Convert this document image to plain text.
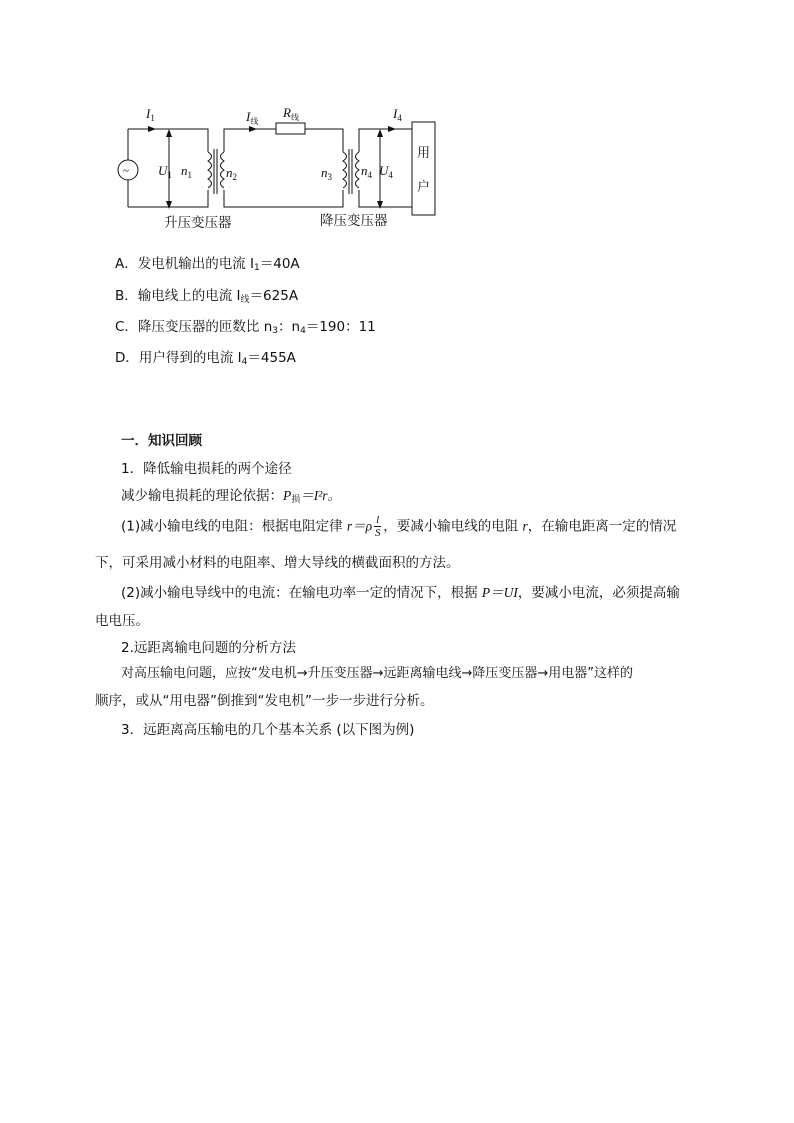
~
$I_1$	$I_线$
$R_线$	$I_4$
$U_1$ $n_1$	$n_2$	$n_3$ $n_4$ $U_4$
用
户
升压变压器	降压变压器
A．发电机输出的电流 $I_1=40A$
B．输电线上的电流 $I_线=625A$
C．降压变压器的匝数比 $n_3$：$n_4=190$：11
D．用户得到的电流 $I_4=455A$
一．知识回顾
1．降低输电损耗的两个途径
减少输电损耗的理论依据：$P_损=I^2r$。
(1)减小输电线的电阻：根据电阻定律 $r=\rho \frac{l}{S}$ ，要减小输电线的电阻 r，在输电距离一定的情况
下，可采用减小材料的电阻率、增大导线的横截面积的方法。
(2)减小输电导线中的电流：在输电功率一定的情况下，根据 P＝UI，要减小电流，必须提高输
电电压。
2.远距离输电问题的分析方法
对高压输电问题，应按“发电机→升压变压器→远距离输电线→降压变压器→用电器”这样的
顺序，或从“用电器”倒推到“发电机”一步一步进行分析。
3．远距离高压输电的几个基本关系 (以下图为例)
